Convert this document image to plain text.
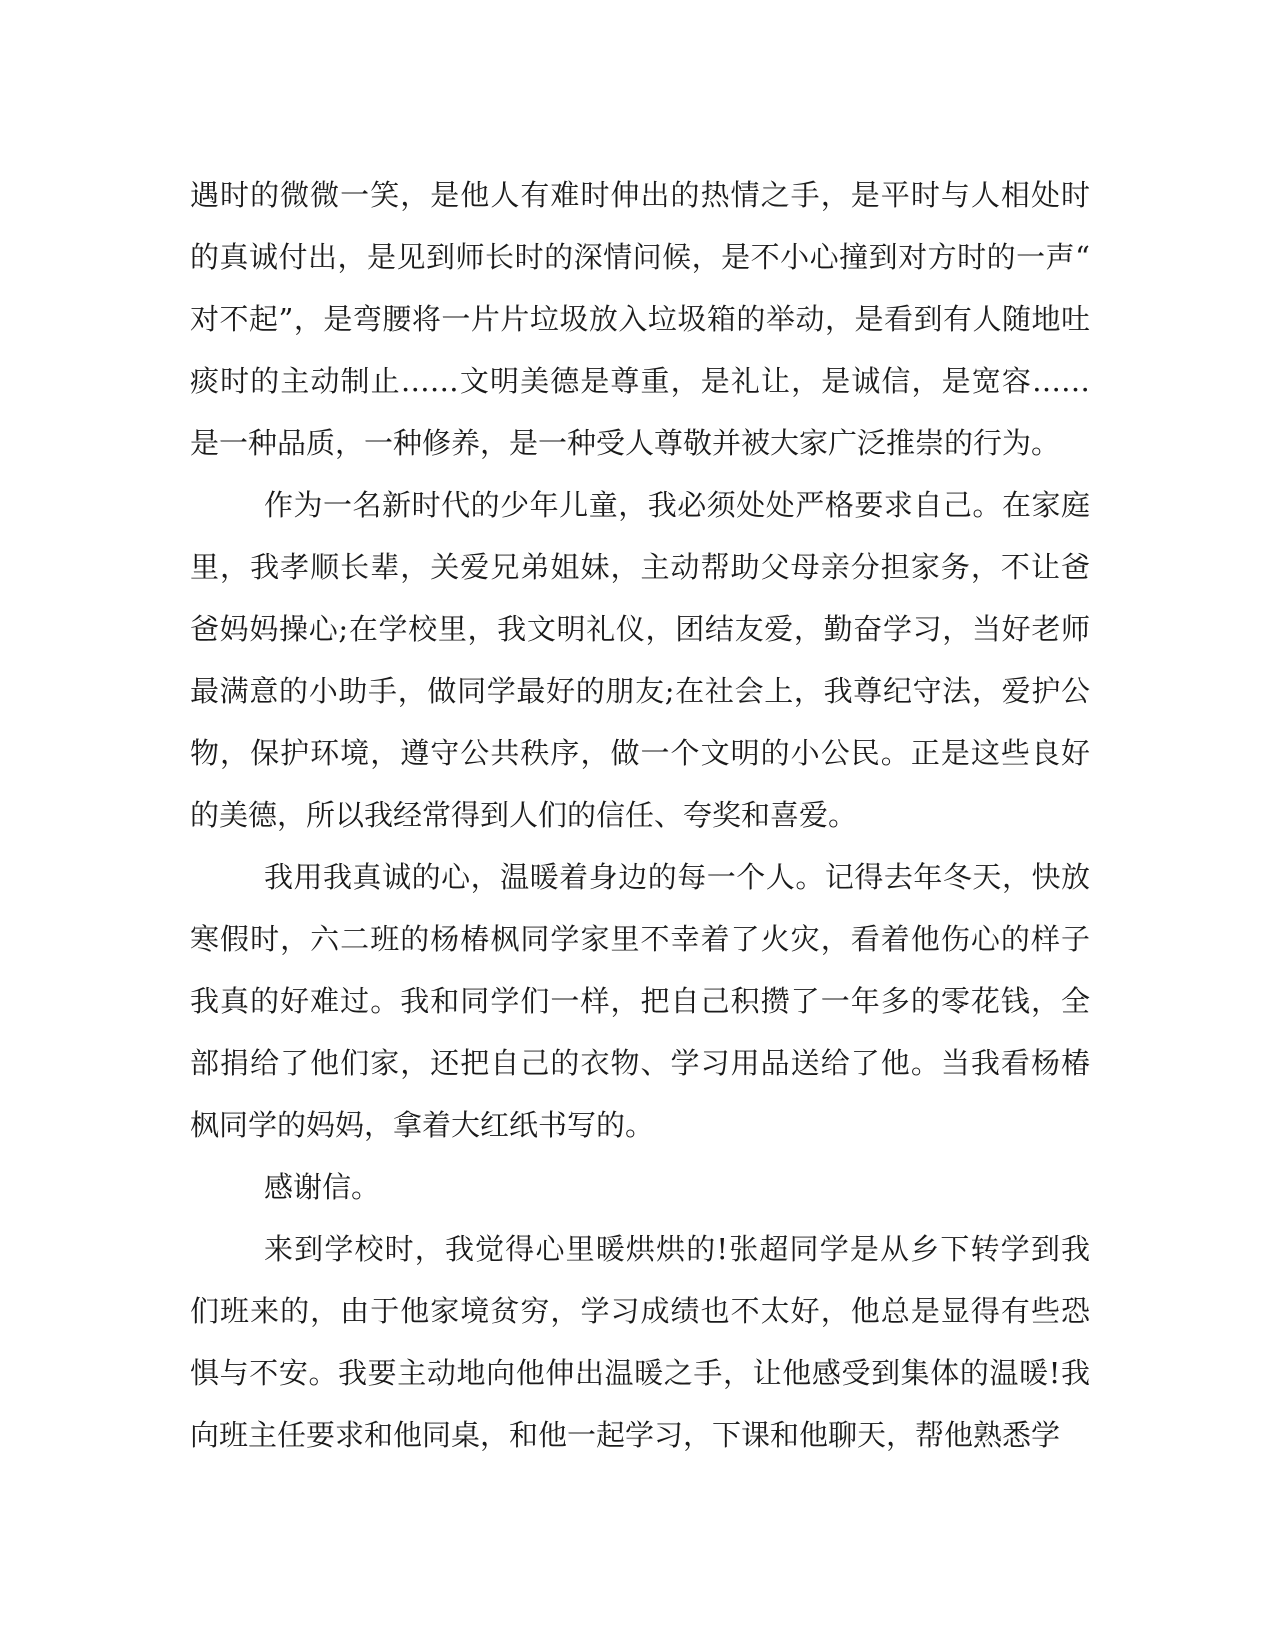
遇时的微微一笑，是他人有难时伸出的热情之手，是平时与人相处时
的真诚付出，是见到师长时的深情问候，是不小心撞到对方时的一声“
对不起”，是弯腰将一片片垃圾放入垃圾箱的举动，是看到有人随地吐
痰时的主动制止……文明美德是尊重，是礼让，是诚信，是宽容……
是一种品质，一种修养，是一种受人尊敬并被大家广泛推崇的行为。
作为一名新时代的少年儿童，我必须处处严格要求自己。在家庭
里，我孝顺长辈，关爱兄弟姐妹，主动帮助父母亲分担家务，不让爸
爸妈妈操心;在学校里，我文明礼仪，团结友爱，勤奋学习，当好老师
最满意的小助手，做同学最好的朋友;在社会上，我尊纪守法，爱护公
物，保护环境，遵守公共秩序，做一个文明的小公民。正是这些良好
的美德，所以我经常得到人们的信任、夸奖和喜爱。
我用我真诚的心，温暖着身边的每一个人。记得去年冬天，快放
寒假时，六二班的杨椿枫同学家里不幸着了火灾，看着他伤心的样子
我真的好难过。我和同学们一样，把自己积攒了一年多的零花钱，全
部捐给了他们家，还把自己的衣物、学习用品送给了他。当我看杨椿
枫同学的妈妈，拿着大红纸书写的。
感谢信。
来到学校时，我觉得心里暖烘烘的!张超同学是从乡下转学到我
们班来的，由于他家境贫穷，学习成绩也不太好，他总是显得有些恐
惧与不安。我要主动地向他伸出温暖之手，让他感受到集体的温暖!我
向班主任要求和他同桌，和他一起学习，下课和他聊天，帮他熟悉学
